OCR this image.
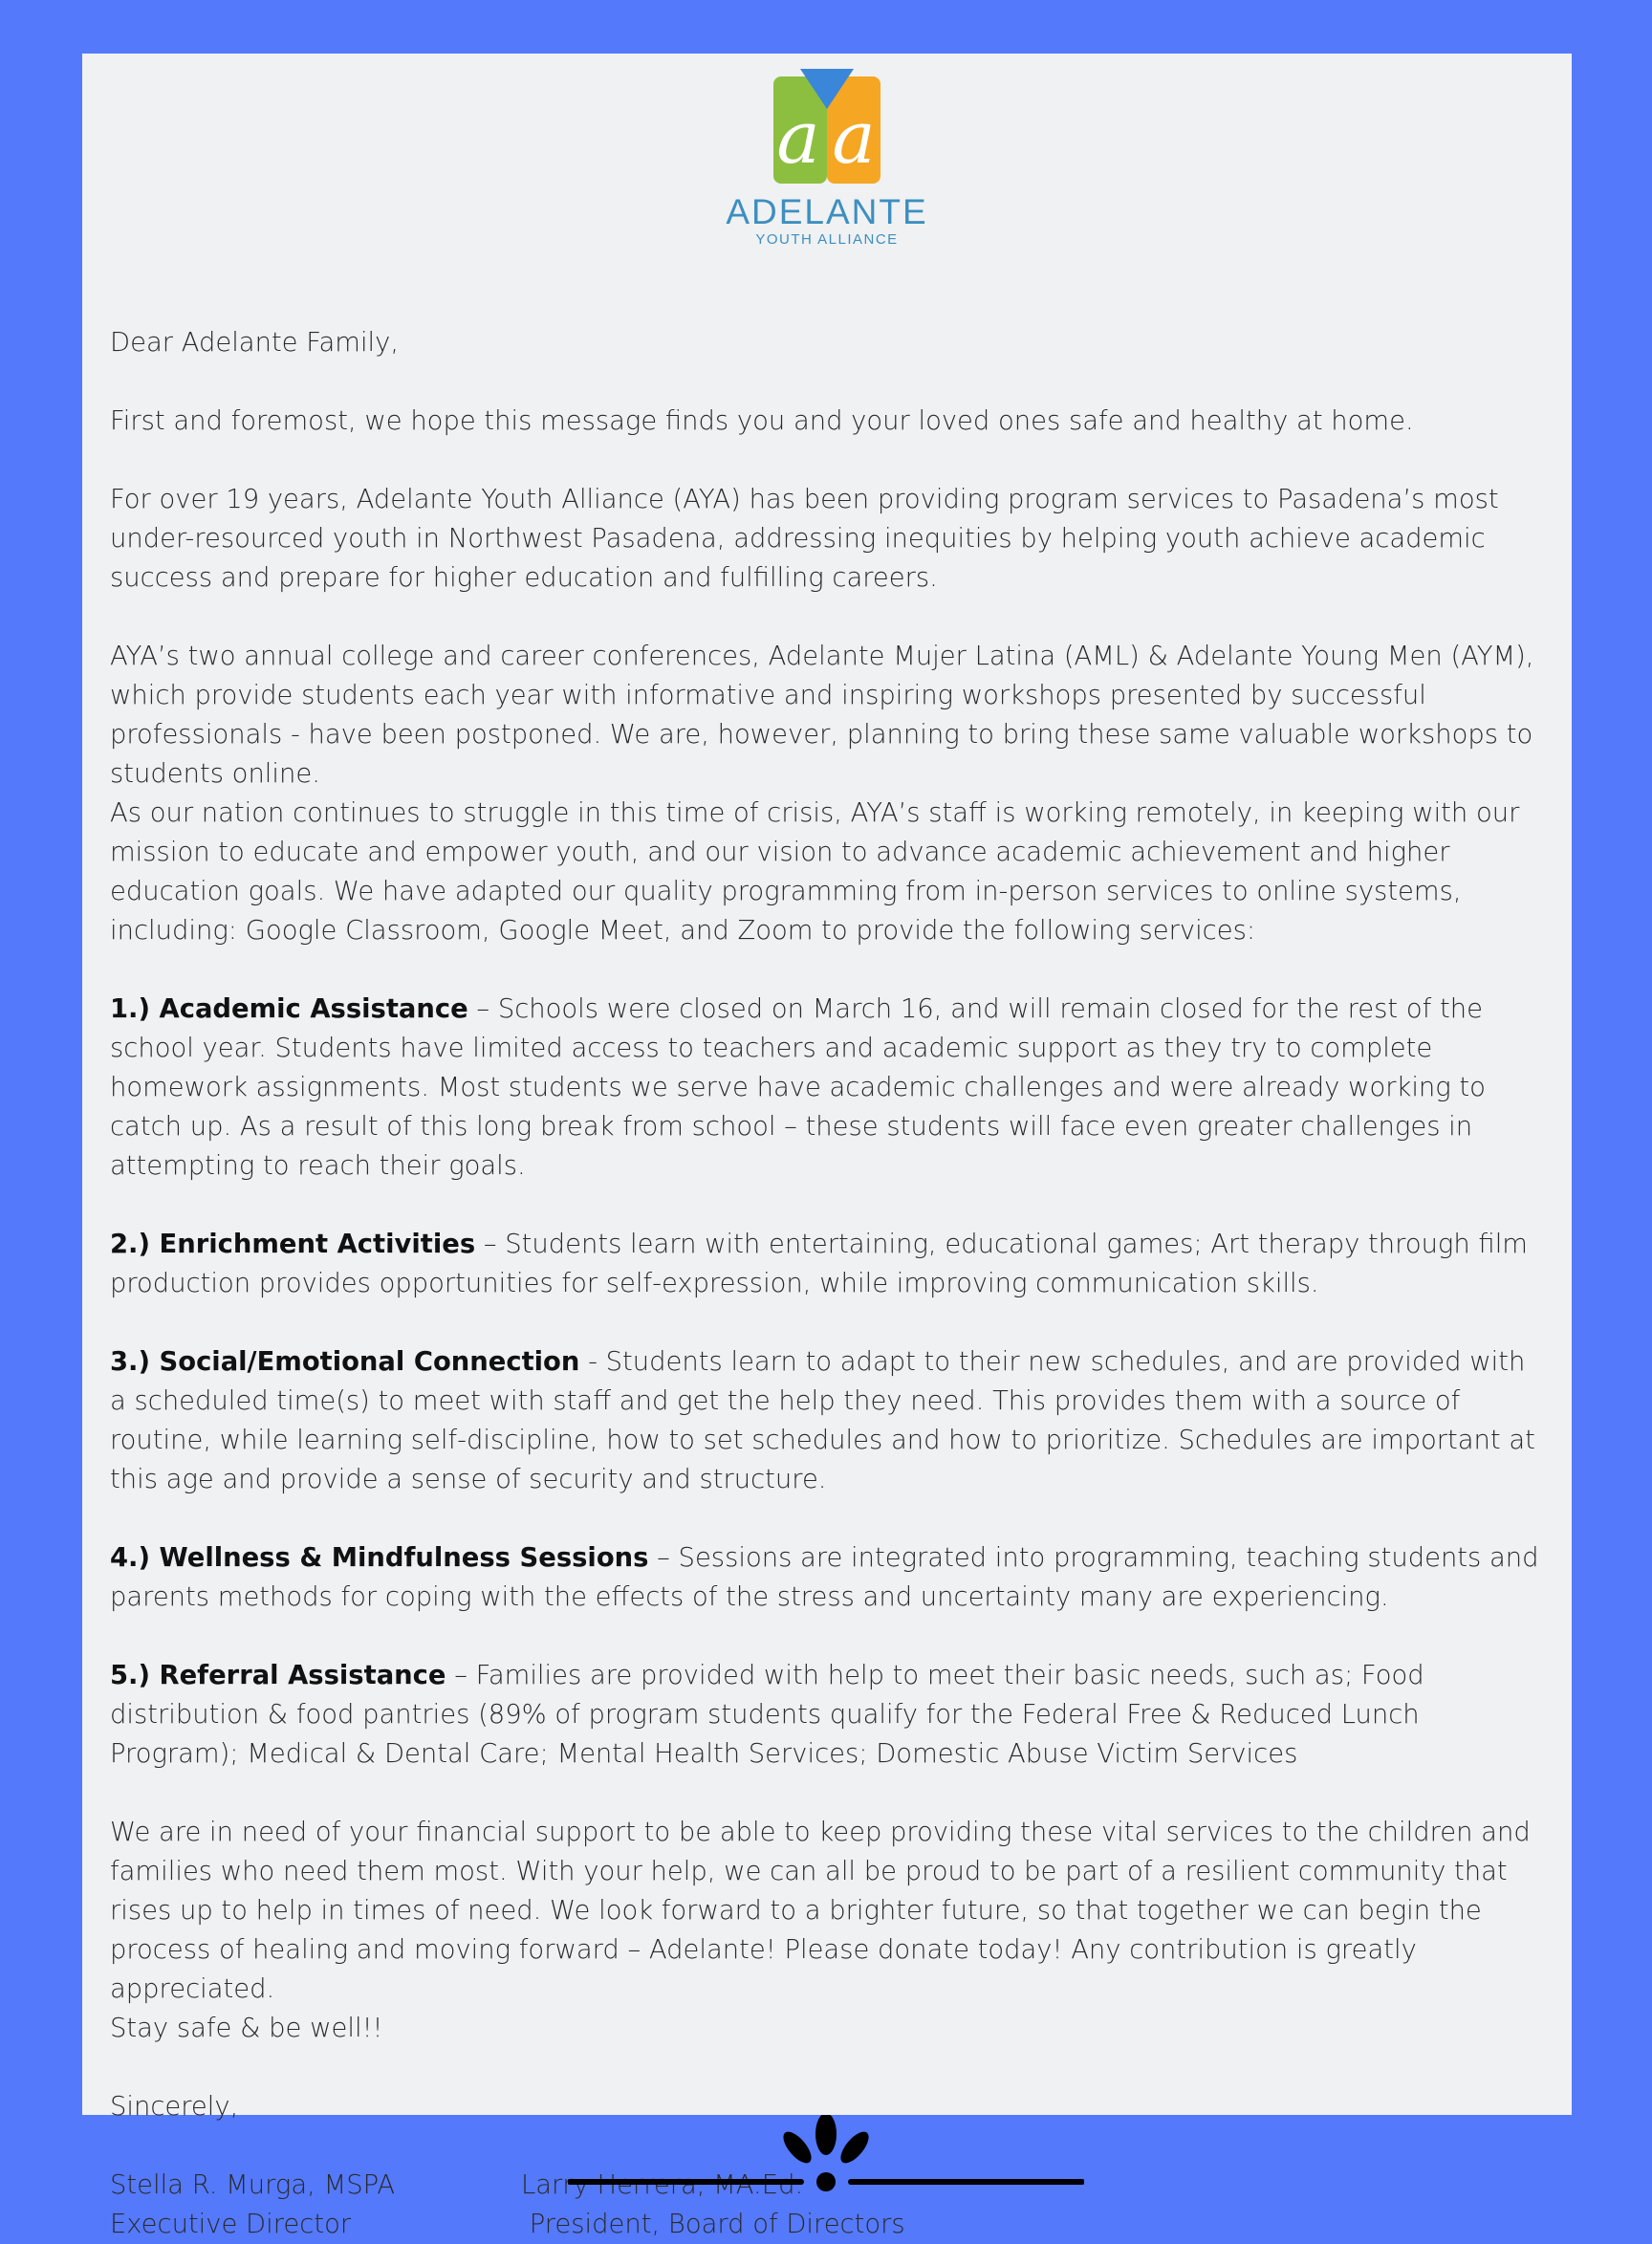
a a
ADELANTE
YOUTH ALLIANCE

Dear Adelante Family,

First and foremost, we hope this message finds you and your loved ones safe and healthy at home.

For over 19 years, Adelante Youth Alliance (AYA) has been providing program services to Pasadena’s most under-resourced youth in Northwest Pasadena, addressing inequities by helping youth achieve academic success and prepare for higher education and fulfilling careers.

AYA’s two annual college and career conferences, Adelante Mujer Latina (AML) & Adelante Young Men (AYM), which provide students each year with informative and inspiring workshops presented by successful professionals - have been postponed. We are, however, planning to bring these same valuable workshops to students online.

As our nation continues to struggle in this time of crisis, AYA’s staff is working remotely, in keeping with our mission to educate and empower youth, and our vision to advance academic achievement and higher education goals. We have adapted our quality programming from in-person services to online systems, including: Google Classroom, Google Meet, and Zoom to provide the following services:

1.) Academic Assistance – Schools were closed on March 16, and will remain closed for the rest of the school year. Students have limited access to teachers and academic support as they try to complete homework assignments. Most students we serve have academic challenges and were already working to catch up. As a result of this long break from school – these students will face even greater challenges in attempting to reach their goals.

2.) Enrichment Activities – Students learn with entertaining, educational games; Art therapy through film production provides opportunities for self-expression, while improving communication skills.

3.) Social/Emotional Connection - Students learn to adapt to their new schedules, and are provided with a scheduled time(s) to meet with staff and get the help they need. This provides them with a source of routine, while learning self-discipline, how to set schedules and how to prioritize. Schedules are important at this age and provide a sense of security and structure.

4.) Wellness & Mindfulness Sessions – Sessions are integrated into programming, teaching students and parents methods for coping with the effects of the stress and uncertainty many are experiencing.

5.) Referral Assistance – Families are provided with help to meet their basic needs, such as; Food distribution & food pantries (89% of program students qualify for the Federal Free & Reduced Lunch Program); Medical & Dental Care; Mental Health Services; Domestic Abuse Victim Services

We are in need of your financial support to be able to keep providing these vital services to the children and families who need them most. With your help, we can all be proud to be part of a resilient community that rises up to help in times of need. We look forward to a brighter future, so that together we can begin the process of healing and moving forward – Adelante! Please donate today! Any contribution is greatly appreciated.

Stay safe & be well!!

Sincerely,

Stella R. Murga, MSPA	Larry Herrera, MA.Ed.
Executive Director	President, Board of Directors
